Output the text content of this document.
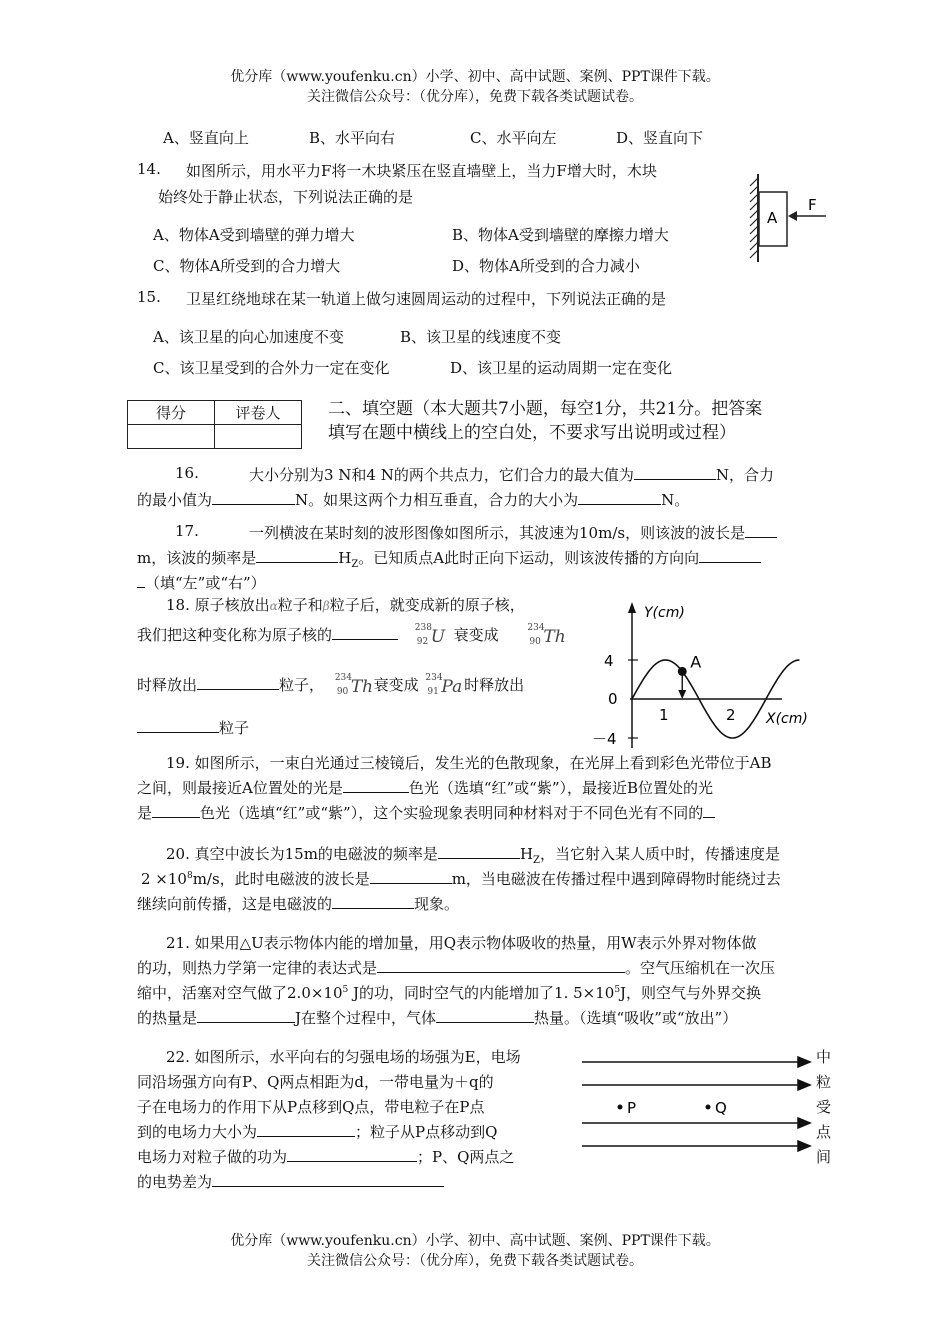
优分库（www.youfenku.cn）小学、初中、高中试题、案例、PPT课件下载。
关注微信公众号：（优分库），免费下载各类试题试卷。
A、竖直向上	B、水平向右	C、水平向左	D、竖直向下
14. 如图所示，用水平力F将一木块紧压在竖直墙壁上，当力F增大时，木块
始终处于静止状态，下列说法正确的是
A、物体A受到墙壁的弹力增大	B、物体A受到墙壁的摩擦力增大
C、物体A所受到的合力增大	D、物体A所受到的合力减小
A
F
15. 卫星红绕地球在某一轨道上做匀速圆周运动的过程中，下列说法正确的是
A、该卫星的向心加速度不变	B、该卫星的线速度不变
C、该卫星受到的合外力一定在变化	D、该卫星的运动周期一定在变化
得分	评卷人
		二、填空题（本大题共7小题，每空1分，共21分。把答案
填写在题中横线上的空白处，不要求写出说明或过程）
16.	大小分别为3 N和4 N的两个共点力，它们合力的最大值为	N，合力
的最小值为	N。如果这两个力相互垂直，合力的大小为	N。
17.	一列横波在某时刻的波形图像如图所示，其波速为10m/s，则该波的波长是
m，该波的频率是	$H_Z$。已知质点A此时正向下运动，则该波传播的方向向
（填“左”或“右”）
18. 原子核放出α粒子和β粒子后，就变成新的原子核，
我们把这种变化称为原子核的	238
92 U 衰变成	234
90 Th
时释放出	粒子， 234
90 Th 衰变成 234
91 Pa 时释放出
粒子
Y(cm)
X(cm)
4
0
－4
1	2
A
19. 如图所示，一束白光通过三棱镜后，发生光的色散现象，在光屏上看到彩色光带位于AB
之间，则最接近A位置处的光是	色光（选填“红”或“紫”），最接近B位置处的光
是	色光（选填“红”或“紫”），这个实验现象表明同种材料对于不同色光有不同的
20. 真空中波长为15m的电磁波的频率是	$H_Z$，当它射入某人质中时，传播速度是
$2 \times 10^8m/s$，此时电磁波的波长是	m，当电磁波在传播过程中遇到障碍物时能绕过去
继续向前传播，这是电磁波的	现象。
21. 如果用△U表示物体内能的增加量，用Q表示物体吸收的热量，用W表示外界对物体做
的功，则热力学第一定律的表达式是	。空气压缩机在一次压
缩中，活塞对空气做了$2.0\times 10^5$ J的功，同时空气的内能增加了1. $5\times 10^5J$，则空气与外界交换
的热量是	J在整个过程中，气体	热量。（选填“吸收”或“放出”）
22. 如图所示，水平向右的匀强电场的场强为E，电场
同沿场强方向有P、Q两点相距为d，一带电量为＋q的
子在电场力的作用下从P点移到Q点，带电粒子在P点
到的电场力大小为	；粒子从P点移动到Q
电场力对粒子做的功为	；P、Q两点之
的电势差为
中
粒
受
点
间
P	Q
优分库（www.youfenku.cn）小学、初中、高中试题、案例、PPT课件下载。
关注微信公众号：（优分库），免费下载各类试题试卷。
